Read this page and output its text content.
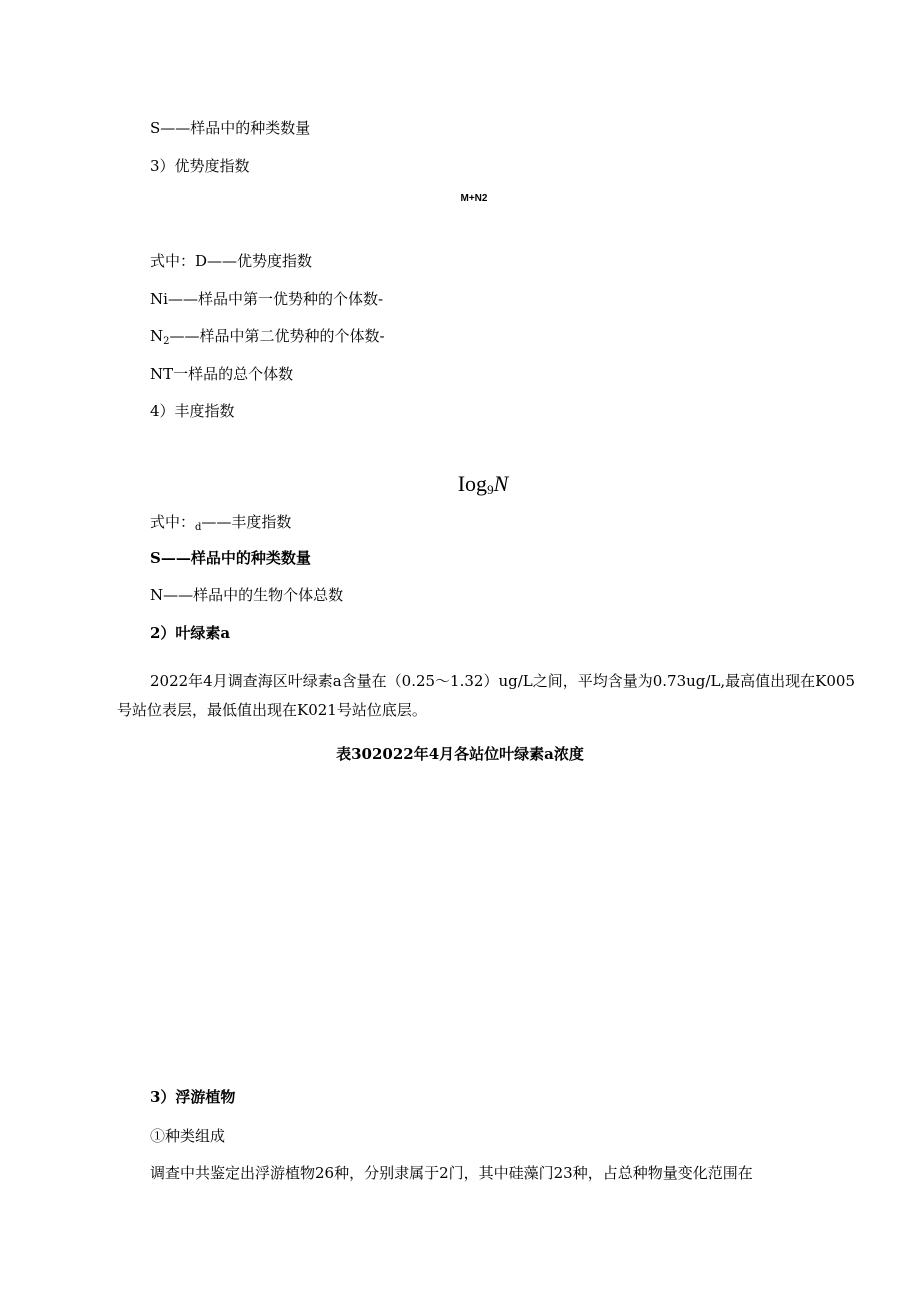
S——样品中的种类数量
3）优势度指数
M+N2
式中：D——优势度指数
Ni——样品中第一优势种的个体数-
$N_2——$样品中第二优势种的个体数-
NT一样品的总个体数
4）丰度指数
Iog$_9$N
式中：$_d$——丰度指数
S——样品中的种类数量
N——样品中的生物个体总数
2）叶绿素a
2022年4月调查海区叶绿素a含量在（0.25～1.32）ug/L之间，平均含量为0.73ug/L,最高值出现在K005号站位表层，最低值出现在K021号站位底层。
表302022年4月各站位叶绿素a浓度
3）浮游植物
①种类组成
调查中共鉴定出浮游植物26种，分别隶属于2门，其中硅藻门23种，占总种物量变化范围在
